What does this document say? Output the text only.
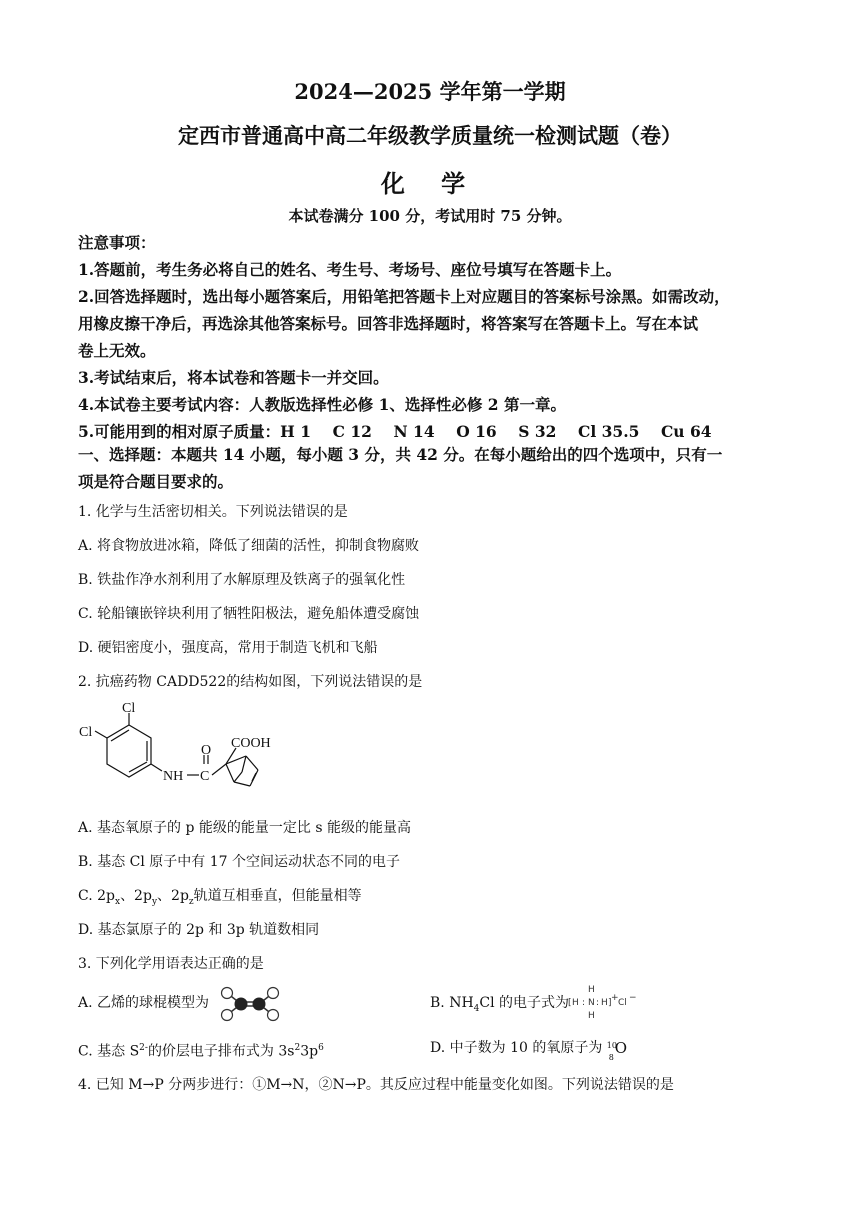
2024—2025 学年第一学期
定西市普通高中高二年级教学质量统一检测试题（卷）
化 学
本试卷满分 100 分，考试用时 75 分钟。
注意事项：
1.答题前，考生务必将自己的姓名、考生号、考场号、座位号填写在答题卡上。
2.回答选择题时，选出每小题答案后，用铅笔把答题卡上对应题目的答案标号涂黑。如需改动，
用橡皮擦干净后，再选涂其他答案标号。回答非选择题时，将答案写在答题卡上。写在本试
卷上无效。
3.考试结束后，将本试卷和答题卡一并交回。
4.本试卷主要考试内容：人教版选择性必修 1、选择性必修 2 第一章。
5.可能用到的相对原子质量：H 1    C 12    N 14    O 16    S 32    Cl 35.5    Cu 64
一、选择题：本题共 14 小题，每小题 3 分，共 42 分。在每小题给出的四个选项中，只有一
项是符合题目要求的。
1. 化学与生活密切相关。下列说法错误的是
A. 将食物放进冰箱，降低了细菌的活性，抑制食物腐败
B. 铁盐作净水剂利用了水解原理及铁离子的强氧化性
C. 轮船镶嵌锌块利用了牺牲阳极法，避免船体遭受腐蚀
D. 硬铝密度小，强度高，常用于制造飞机和飞船
2. 抗癌药物 CADD522的结构如图，下列说法错误的是
Cl
Cl
NH C
O COOH
A. 基态氧原子的 p 能级的能量一定比 s 能级的能量高
B. 基态 Cl 原子中有 17 个空间运动状态不同的电子
C. $2p_x$、$2p_y$、$2p_z$轨道互相垂直，但能量相等
D. 基态氯原子的 2p 和 3p 轨道数相同
3. 下列化学用语表达正确的是
A. 乙烯的球棍模型为	B. $NH_4Cl$ 的电子式为
[ H : N : H ] + Cl −
H
H
C. 基态 $S^{2-}$的价层电子排布式为 $3s^23p^6$	D. 中子数为 10 的氧原子为 10
8
O
4. 已知 M→P 分两步进行：①M→N，②N→P。其反应过程中能量变化如图。下列说法错误的是
